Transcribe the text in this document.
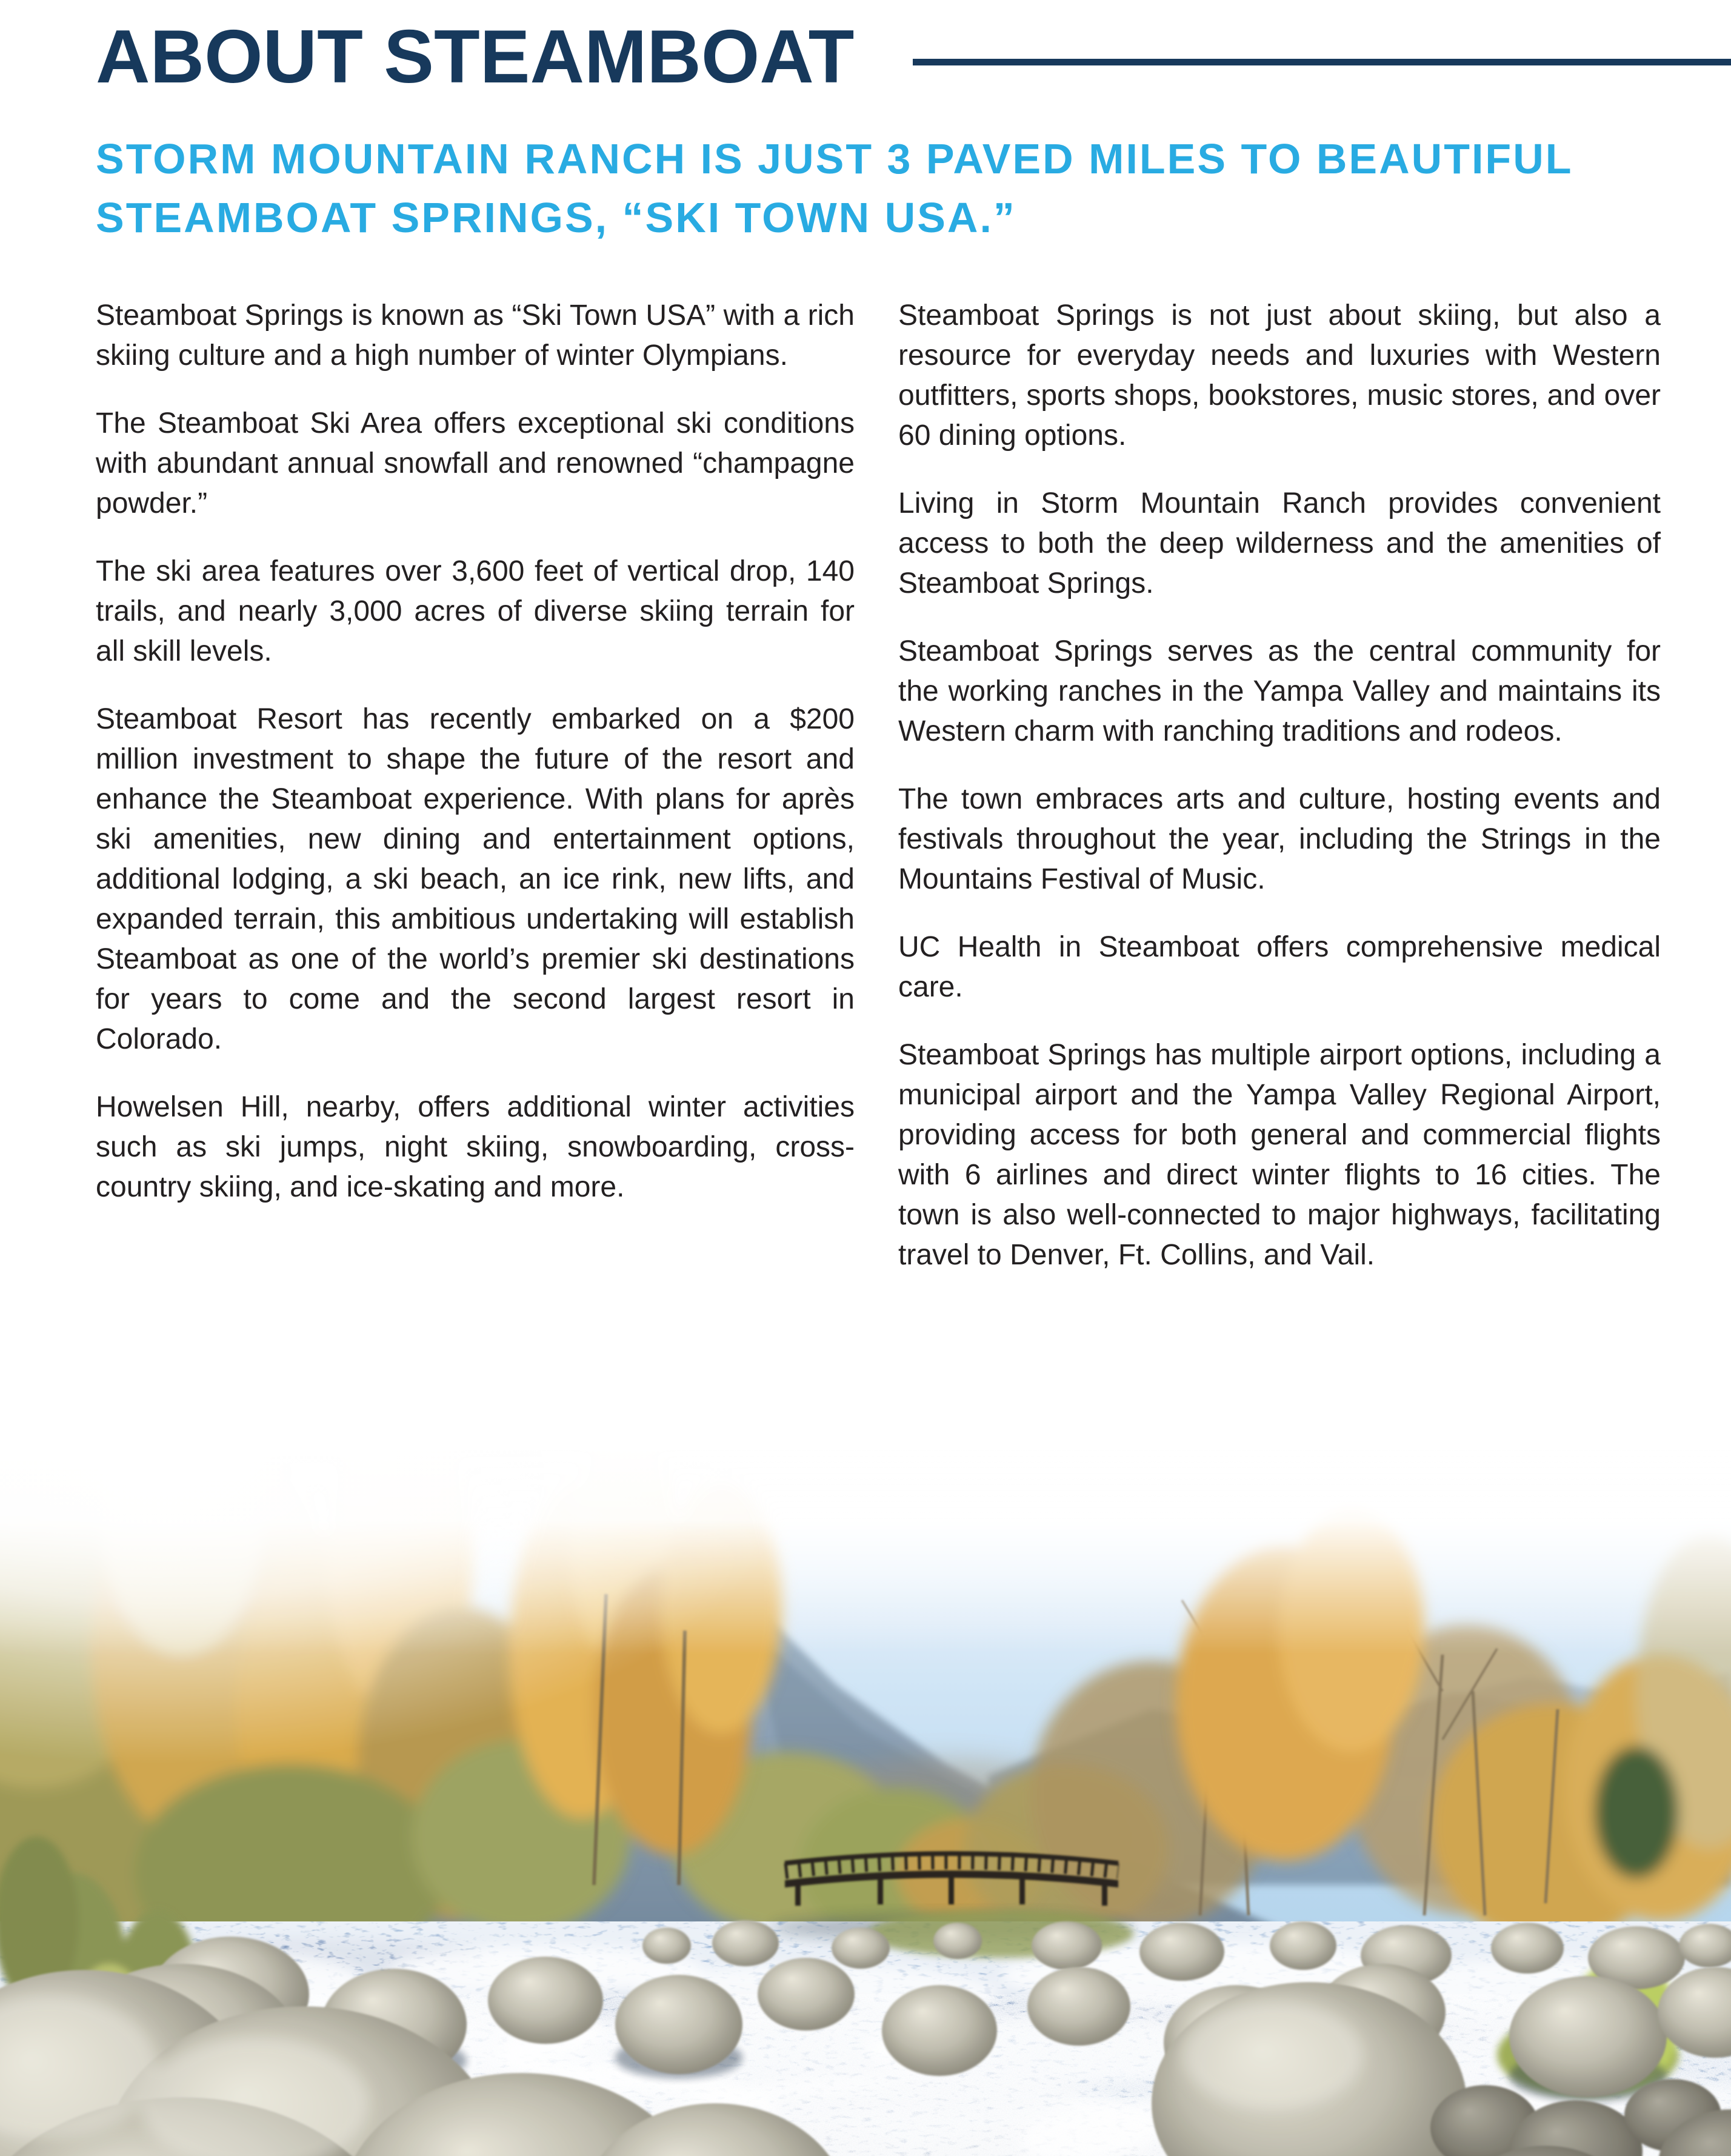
ABOUT STEAMBOAT
STORM MOUNTAIN RANCH IS JUST 3 PAVED MILES TO BEAUTIFUL
STEAMBOAT SPRINGS, “SKI TOWN USA.”

Steamboat Springs is known as “Ski Town USA” with a rich skiing culture and a high number of winter Olympians.

The Steamboat Ski Area offers exceptional ski conditions with abundant annual snowfall and renowned “champagne powder.”

The ski area features over 3,600 feet of vertical drop, 140 trails, and nearly 3,000 acres of diverse skiing terrain for all skill levels.

Steamboat Resort has recently embarked on a $200 million investment to shape the future of the resort and enhance the Steamboat experience. With plans for après ski amenities, new dining and entertainment options, additional lodging, a ski beach, an ice rink, new lifts, and expanded terrain, this ambitious undertaking will establish Steamboat as one of the world’s premier ski destinations for years to come and the second largest resort in Colorado.

Howelsen Hill, nearby, offers additional winter activities such as ski jumps, night skiing, snowboarding, cross-country skiing, and ice-skating and more.

Steamboat Springs is not just about skiing, but also a resource for everyday needs and luxuries with Western outfitters, sports shops, bookstores, music stores, and over 60 dining options.

Living in Storm Mountain Ranch provides convenient access to both the deep wilderness and the amenities of Steamboat Springs.

Steamboat Springs serves as the central community for the working ranches in the Yampa Valley and maintains its Western charm with ranching traditions and rodeos.

The town embraces arts and culture, hosting events and festivals throughout the year, including the Strings in the Mountains Festival of Music.

UC Health in Steamboat offers comprehensive medical care.

Steamboat Springs has multiple airport options, including a municipal airport and the Yampa Valley Regional Airport, providing access for both general and commercial flights with 6 airlines and direct winter flights to 16 cities. The town is also well-connected to major highways, facilitating travel to Denver, Ft. Collins, and Vail.
